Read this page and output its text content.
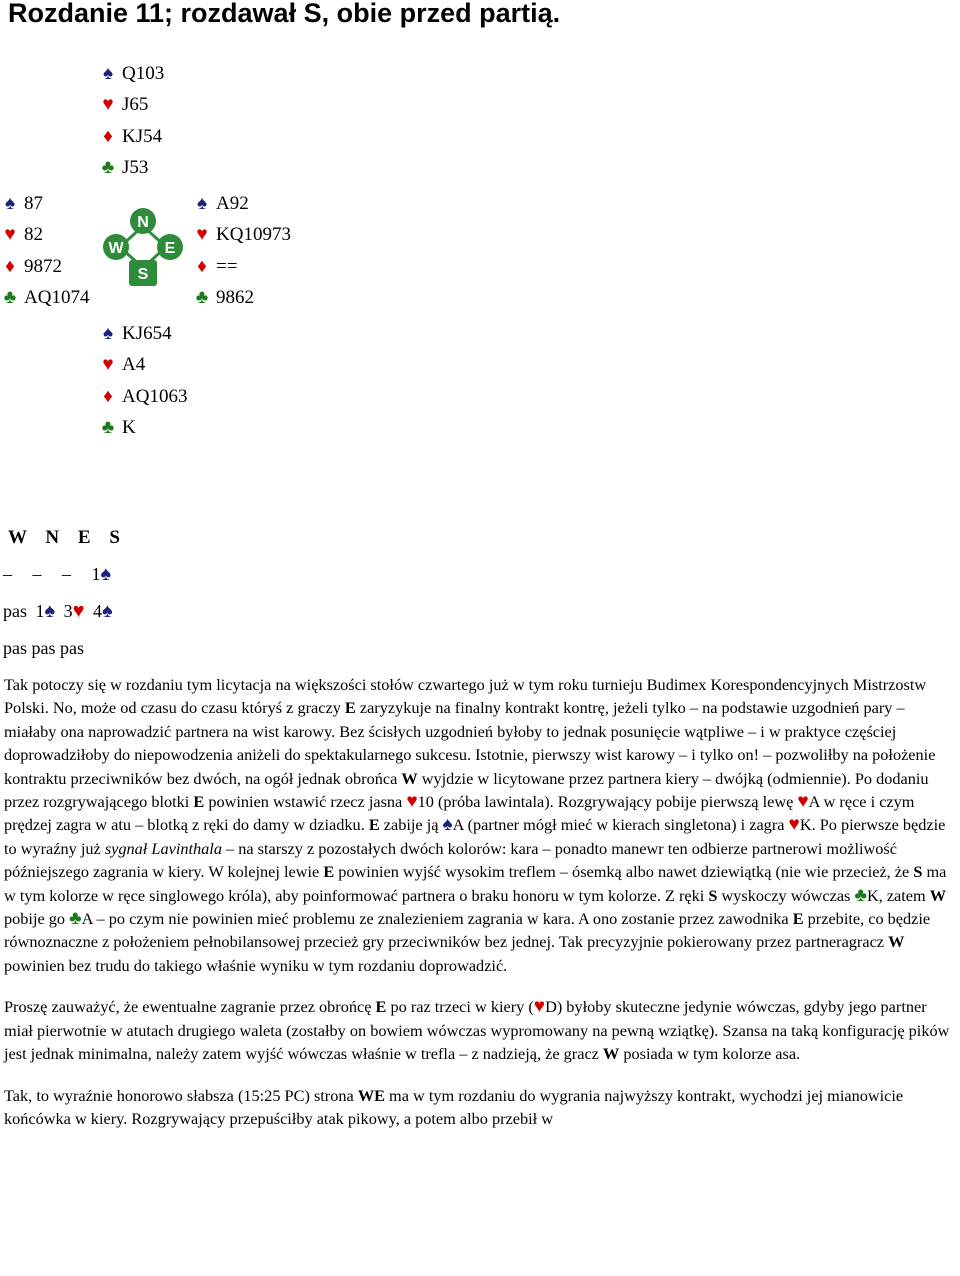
Rozdanie 11; rozdawał S, obie przed partią.
♠ Q103
♥ J65
♦ KJ54
♣ J53
♠ 87
♥ 82
♦ 9872
♣ AQ1074
♠ A92
♥ KQ10973
♦ ==
♣ 9862
♠ KJ654
♥ A4
♦ AQ1063
♣ K
N
W	E
S
W N E S
– – – 1♠
pas 1♠ 3♥ 4♠
pas pas pas

Tak potoczy się w rozdaniu tym licytacja na większości stołów czwartego już w tym roku turnieju Budimex Korespondencyjnych Mistrzostw Polski. No, może od czasu do czasu któryś z graczy E zaryzykuje na finalny kontrakt kontrę, jeżeli tylko – na podstawie uzgodnień pary – miałaby ona naprowadzić partnera na wist karowy. Bez ścisłych uzgodnień byłoby to jednak posunięcie wątpliwe – i w praktyce częściej doprowadziłoby do niepowodzenia aniżeli do spektakularnego sukcesu. Istotnie, pierwszy wist karowy – i tylko on! – pozwoliłby na położenie kontraktu przeciwników bez dwóch, na ogół jednak obrońca W wyjdzie w licytowane przez partnera kiery – dwójką (odmiennie). Po dodaniu przez rozgrywającego blotki E powinien wstawić rzecz jasna ♥10 (próba lawintala). Rozgrywający pobije pierwszą lewę ♥A w ręce i czym prędzej zagra w atu – blotką z ręki do damy w dziadku. E zabije ją ♠A (partner mógł mieć w kierach singletona) i zagra ♥K. Po pierwsze będzie to wyraźny już sygnał Lavinthala – na starszy z pozostałych dwóch kolorów: kara – ponadto manewr ten odbierze partnerowi możliwość późniejszego zagrania w kiery. W kolejnej lewie E powinien wyjść wysokim treflem – ósemką albo nawet dziewiątką (nie wie przecież, że S ma w tym kolorze w ręce singlowego króla), aby poinformować partnera o braku honoru w tym kolorze. Z ręki S wyskoczy wówczas ♣K, zatem W pobije go ♣A – po czym nie powinien mieć problemu ze znalezieniem zagrania w kara. A ono zostanie przez zawodnika E przebite, co będzie równoznaczne z położeniem pełnobilansowej przecież gry przeciwników bez jednej. Tak precyzyjnie pokierowany przez partneragracz W powinien bez trudu do takiego właśnie wyniku w tym rozdaniu doprowadzić.

Proszę zauważyć, że ewentualne zagranie przez obrońcę E po raz trzeci w kiery (♥D) byłoby skuteczne jedynie wówczas, gdyby jego partner miał pierwotnie w atutach drugiego waleta (zostałby on bowiem wówczas wypromowany na pewną wziątkę). Szansa na taką konfigurację pików jest jednak minimalna, należy zatem wyjść wówczas właśnie w trefla – z nadzieją, że gracz W posiada w tym kolorze asa.

Tak, to wyraźnie honorowo słabsza (15:25 PC) strona WE ma w tym rozdaniu do wygrania najwyższy kontrakt, wychodzi jej mianowicie końcówka w kiery. Rozgrywający przepuściłby atak pikowy, a potem albo przebił w
